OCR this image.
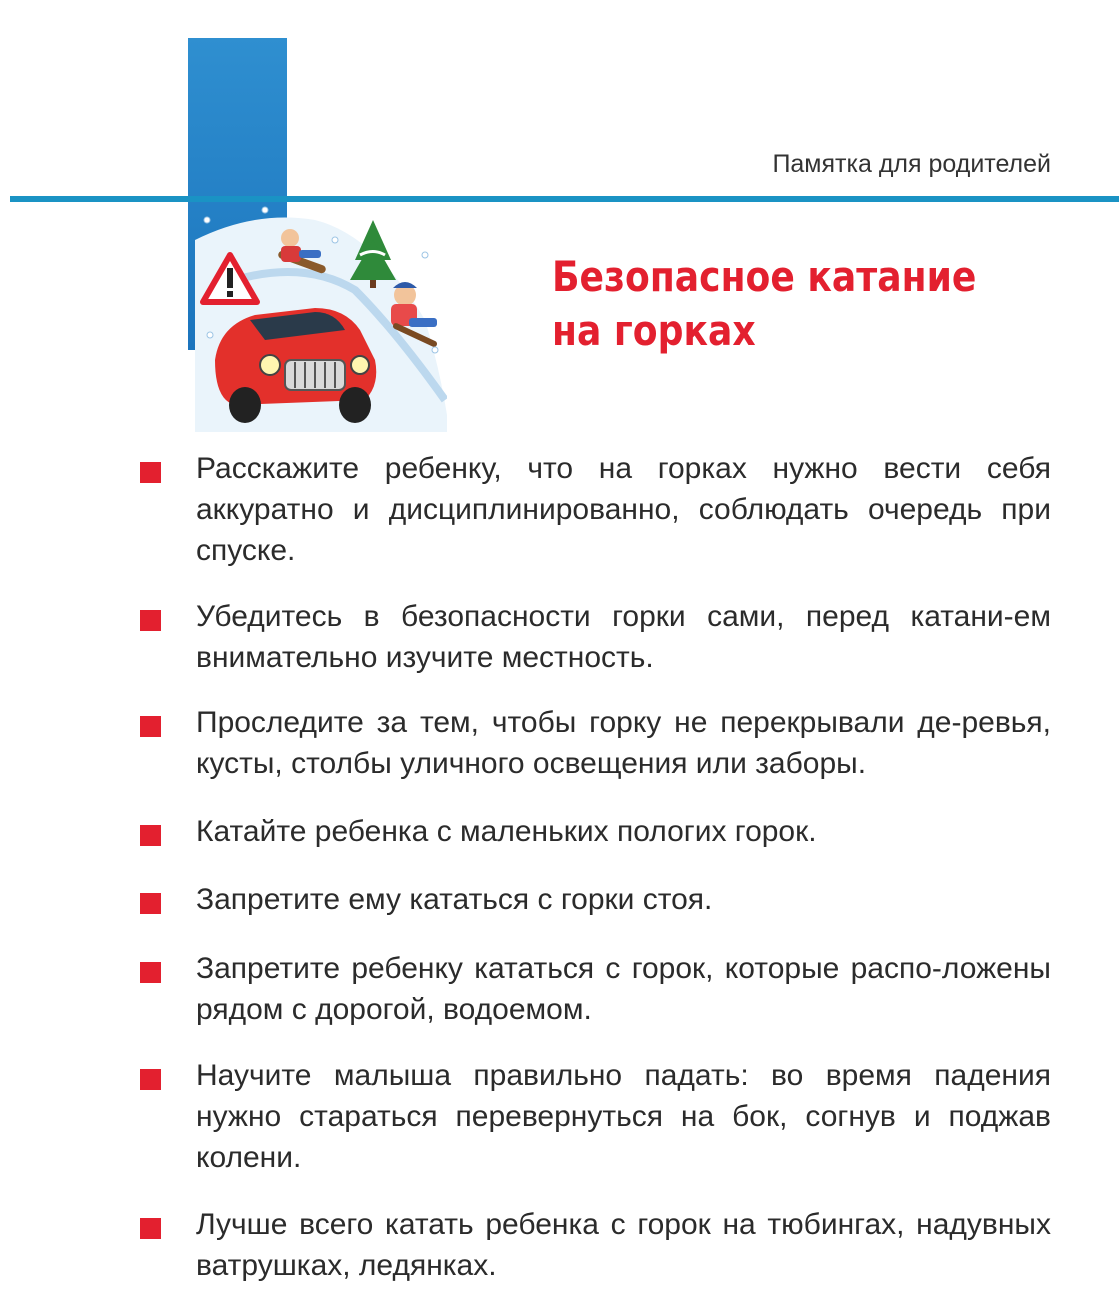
Памятка для родителей
Безопасное катание
на горках
Расскажите ребенку, что на горках нужно вести себя аккуратно и дисциплинированно, соблюдать очередь при спуске.
Убедитесь в безопасности горки сами, перед катани-ем внимательно изучите местность.
Проследите за тем, чтобы горку не перекрывали де-ревья, кусты, столбы уличного освещения или заборы.
Катайте ребенка с маленьких пологих горок.
Запретите ему кататься с горки стоя.
Запретите ребенку кататься с горок, которые распо-ложены рядом с дорогой, водоемом.
Научите малыша правильно падать: во время падения нужно стараться перевернуться на бок, согнув и поджав колени.
Лучше всего катать ребенка с горок на тюбингах, надувных ватрушках, ледянках.
